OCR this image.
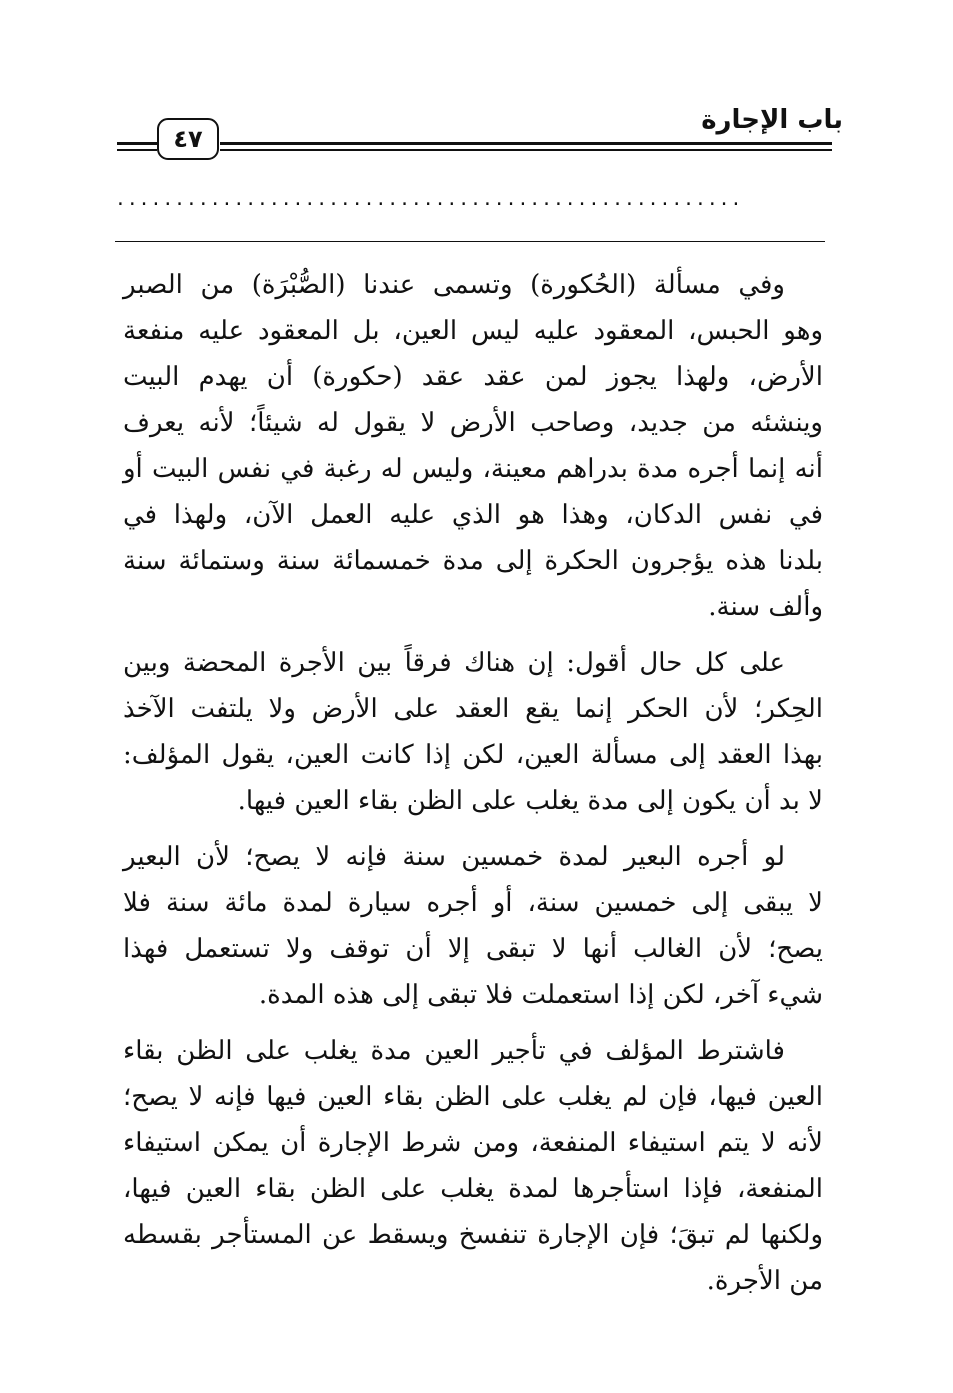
باب الإجارة
٤٧
.....................................................

وفي مسألة (الحُكورة) وتسمى عندنا (الصُّبْرَة) من الصبر
وهو الحبس، المعقود عليه ليس العين، بل المعقود عليه منفعة
الأرض، ولهذا يجوز لمن عقد عقد (حكورة) أن يهدم البيت
وينشئه من جديد، وصاحب الأرض لا يقول له شيئاً؛ لأنه يعرف
أنه إنما أجره مدة بدراهم معينة، وليس له رغبة في نفس البيت أو
في نفس الدكان، وهذا هو الذي عليه العمل الآن، ولهذا في
بلدنا هذه يؤجرون الحكرة إلى مدة خمسمائة سنة وستمائة سنة
وألف سنة.

على كل حال أقول: إن هناك فرقاً بين الأجرة المحضة وبين
الحِكر؛ لأن الحكر إنما يقع العقد على الأرض ولا يلتفت الآخذ
بهذا العقد إلى مسألة العين، لكن إذا كانت العين، يقول المؤلف:
لا بد أن يكون إلى مدة يغلب على الظن بقاء العين فيها.

لو أجره البعير لمدة خمسين سنة فإنه لا يصح؛ لأن البعير
لا يبقى إلى خمسين سنة، أو أجره سيارة لمدة مائة سنة فلا
يصح؛ لأن الغالب أنها لا تبقى إلا أن توقف ولا تستعمل فهذا
شيء آخر، لكن إذا استعملت فلا تبقى إلى هذه المدة.

فاشترط المؤلف في تأجير العين مدة يغلب على الظن بقاء
العين فيها، فإن لم يغلب على الظن بقاء العين فيها فإنه لا يصح؛
لأنه لا يتم استيفاء المنفعة، ومن شرط الإجارة أن يمكن استيفاء
المنفعة، فإذا استأجرها لمدة يغلب على الظن بقاء العين فيها،
ولكنها لم تبقَ؛ فإن الإجارة تنفسخ ويسقط عن المستأجر بقسطه
من الأجرة.
